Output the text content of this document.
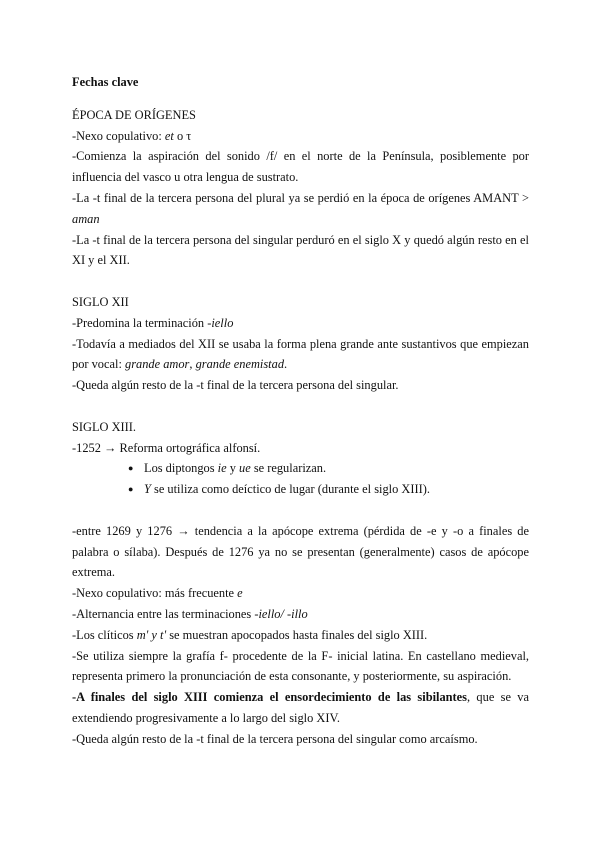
Fechas clave
ÉPOCA DE ORÍGENES
-Nexo copulativo: et o τ
-Comienza la aspiración del sonido /f/ en el norte de la Península, posiblemente por influencia del vasco u otra lengua de sustrato.
-La -t final de la tercera persona del plural ya se perdió en la época de orígenes AMANT > aman
-La -t final de la tercera persona del singular perduró en el siglo X y quedó algún resto en el XI y el XII.
SIGLO XII
-Predomina la terminación -iello
-Todavía a mediados del XII se usaba la forma plena grande ante sustantivos que empiezan por vocal: grande amor, grande enemistad.
-Queda algún resto de la -t final de la tercera persona del singular.
SIGLO XIII.
-1252 → Reforma ortográfica alfonsí.
● Los diptongos ie y ue se regularizan.
● Y se utiliza como deíctico de lugar (durante el siglo XIII).
-entre 1269 y 1276 → tendencia a la apócope extrema (pérdida de -e y -o a finales de palabra o sílaba). Después de 1276 ya no se presentan (generalmente) casos de apócope extrema.
-Nexo copulativo: más frecuente e
-Alternancia entre las terminaciones -iello/ -illo
-Los clíticos m' y t' se muestran apocopados hasta finales del siglo XIII.
-Se utiliza siempre la grafía f- procedente de la F- inicial latina. En castellano medieval, representa primero la pronunciación de esta consonante, y posteriormente, su aspiración.
-A finales del siglo XIII comienza el ensordecimiento de las sibilantes, que se va extendiendo progresivamente a lo largo del siglo XIV.
-Queda algún resto de la -t final de la tercera persona del singular como arcaísmo.
